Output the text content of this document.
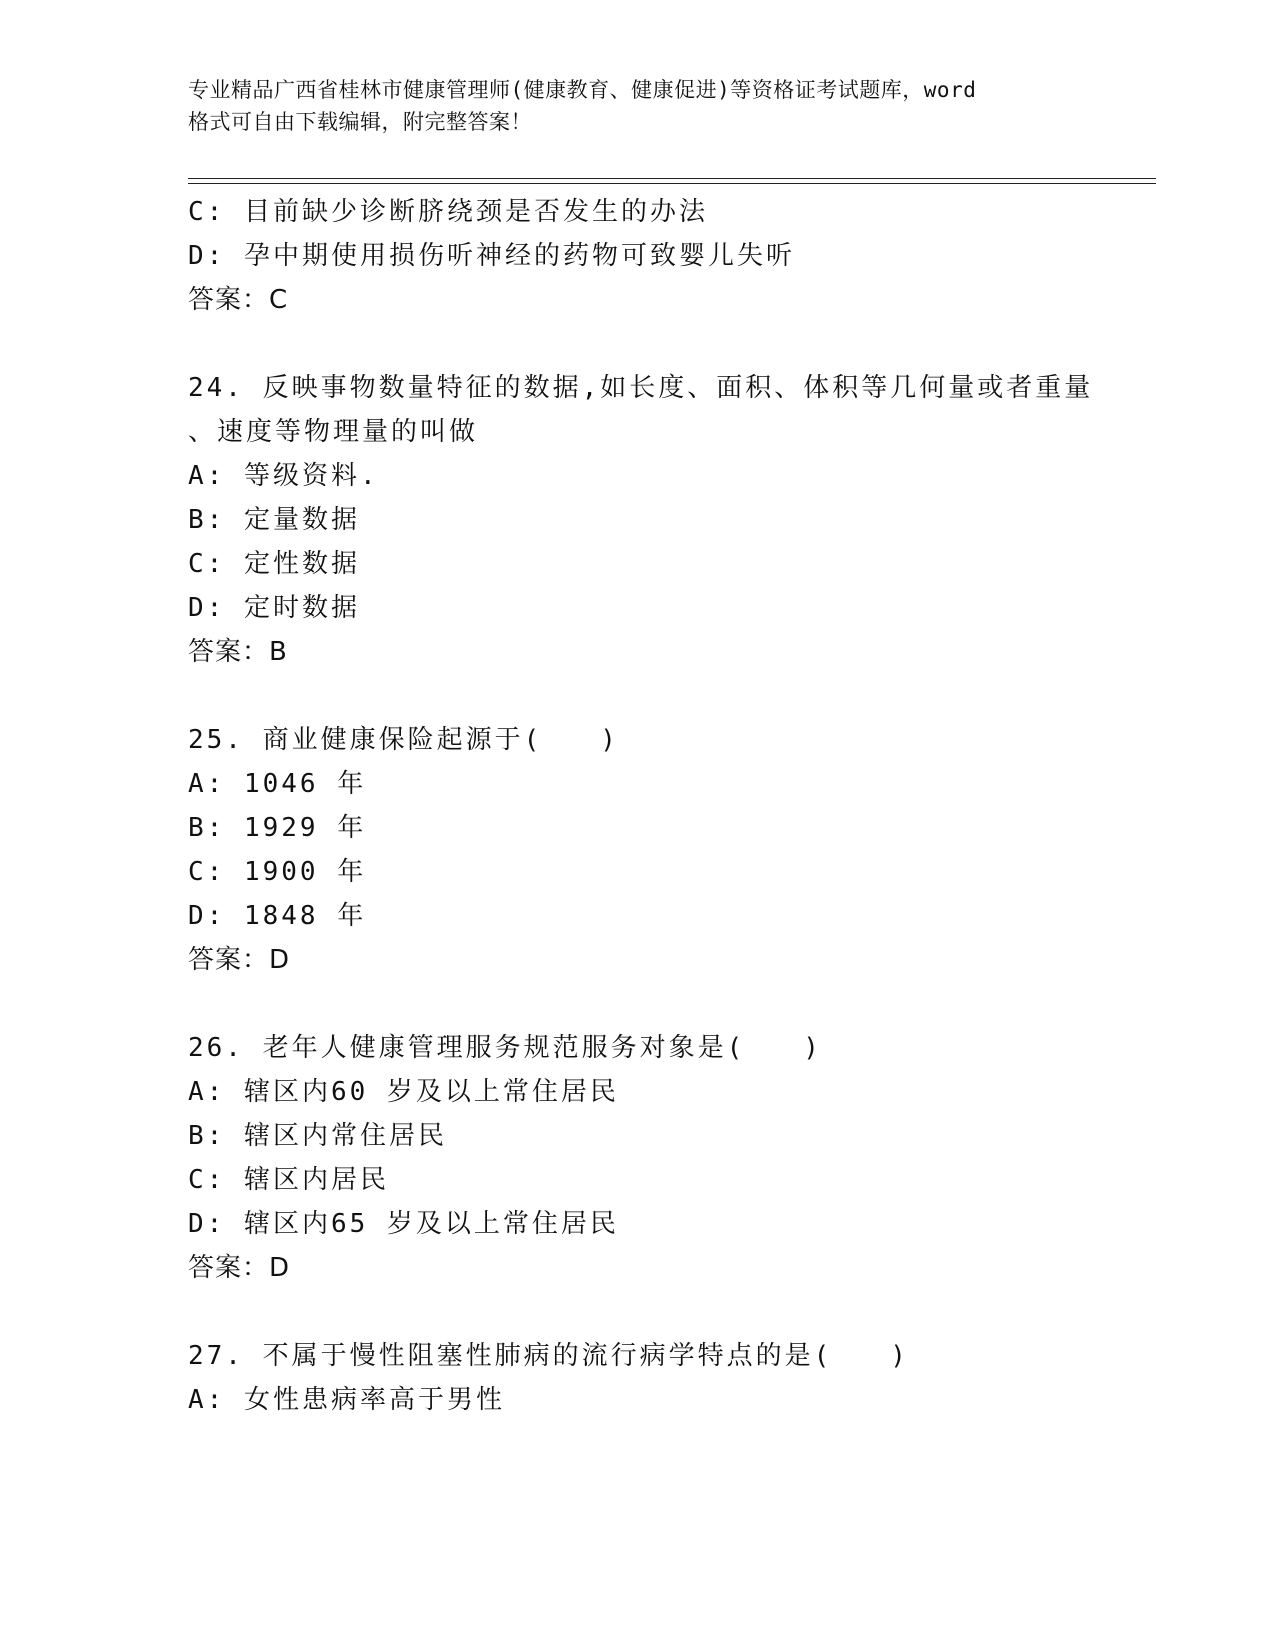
专业精品广西省桂林市健康管理师(健康教育、健康促进)等资格证考试题库，word
格式可自由下载编辑，附完整答案！
C: 目前缺少诊断脐绕颈是否发生的办法
D: 孕中期使用损伤听神经的药物可致婴儿失听
答案：C
24. 反映事物数量特征的数据,如长度、面积、体积等几何量或者重量
、速度等物理量的叫做
A: 等级资料.
B: 定量数据
C: 定性数据
D: 定时数据
答案：B
25. 商业健康保险起源于(　　)
A: 1046 年
B: 1929 年
C: 1900 年
D: 1848 年
答案：D
26. 老年人健康管理服务规范服务对象是(　　)
A: 辖区内60 岁及以上常住居民
B: 辖区内常住居民
C: 辖区内居民
D: 辖区内65 岁及以上常住居民
答案：D
27. 不属于慢性阻塞性肺病的流行病学特点的是(　　)
A: 女性患病率高于男性
